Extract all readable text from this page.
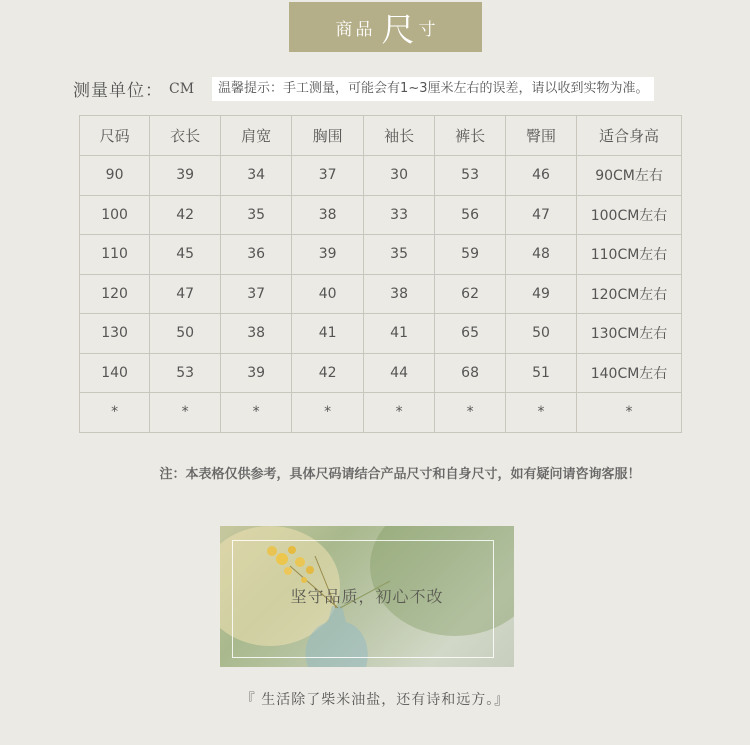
商品 尺 寸
测量单位： CM	温馨提示：手工测量，可能会有1~3厘米左右的误差，请以收到实物为准。
尺码	衣长	肩宽	胸围	袖长	裤长	臀围	适合身高
90	39	34	37	30	53	46	90CM左右
100	42	35	38	33	56	47	100CM左右
110	45	36	39	35	59	48	110CM左右
120	47	37	40	38	62	49	120CM左右
130	50	38	41	41	65	50	130CM左右
140	53	39	42	44	68	51	140CM左右
*	*	*	*	*	*	*	*
注：本表格仅供参考，具体尺码请结合产品尺寸和自身尺寸，如有疑问请咨询客服！
坚守品质，初心不改
『 生活除了柴米油盐，还有诗和远方。』
